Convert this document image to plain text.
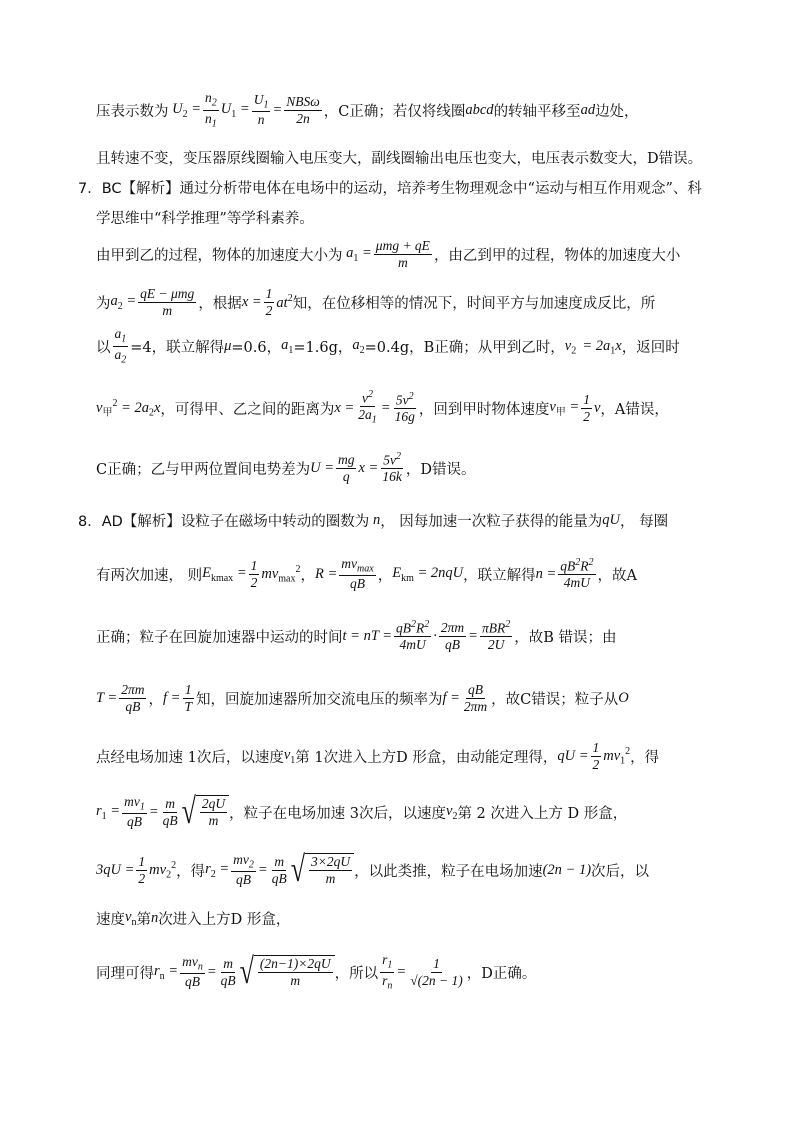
压表示数为 $U_2 = \frac{n_2}{n_1} U_1 = \frac{U_1}{n} = \frac{\text{NBSω}}{2n}$ ，C正确；若仅将线圈 abcd 的转轴平移至 ad 边处，
且转速不变，变压器原线圈输入电压变大，副线圈输出电压也变大，电压表示数变大，D错误。
7．BC【解析】 通过分析带电体在电场中的运动，培养考生物理观念中“运动与相互作用观念”、科
学思维中“科学推理”等学科素养。
由甲到乙的过程，物体的加速度大小为 $a_1 = \frac{\text{μmg + qE}}{m}$ ，由乙到甲的过程，物体的加速度大小
为 $a_2 = \frac{\text{qE − μmg}}{m}$ ，根据 $x = \frac{1}{2} at^2$ 知，在位移相等的情况下，时间平方与加速度成反比，所
以 $\frac{a_1}{a_2} =4$，联立解得 μ =0.6， $a_1 =1.6g$， $a_2 =0.4g$，B正确；从甲到乙时， $v_2 = 2a_1x$ ，返回时
$v_甲^2 = 2a_2x$ ，可得甲、乙之间的距离为 $x = \frac{v^2}{2a_1} = \frac{5v^2}{16g}$ ，回到甲时物体速度 $v_甲 = \frac{1}{2}$ v ，A错误，
C正确；乙与甲两位置间电势差为 $U = \frac{mg}{q}$ $x = \frac{5v^2}{16k}$ ，D错误。
8．AD【解析】 设粒子在磁场中转动的圈数为 n ， 因每加速一次粒子获得的能量为 qU ， 每圈
有两次加速， 则 $E_{kmax} = \frac{1}{2} mv_{max}^2$ ， $R = \frac{mv_{max}}{qB}$ ， $E_{km} = 2nqU$ ，联立解得 $n = \frac{qB^2R^2}{4mU}$ ，故A
正确；粒子在回旋加速器中运动的时间 t = nT = $\frac{qB^2R^2}{4mU} \cdot \frac{2\pi m}{qB} = \frac{\pi BR^2}{2U}$ ，故B 错误；由
$T = \frac{2\pi m}{qB}$ ， $f = \frac{1}{T}$ 知，回旋加速器所加交流电压的频率为 $f = \frac{qB}{2\pi m}$ ，故C错误；粒子从 O
点经电场加速 1次后，以速度 $v_1$ 第 1次进入上方D 形盒，由动能定理得， qU = $\frac{1}{2} mv_1^2$ ，得
$r_1 = \frac{mv_1}{qB} = \frac{m}{qB}$ √ $\frac{2qU}{m}$ ，粒子在电场加速 3次后，以速度 $v_2$ 第 2 次进入上方 D 形盒，
$3qU = \frac{1}{2} mv_2^2$ ，得 $r_2 = \frac{mv_2}{qB} = \frac{m}{qB}$ √ $\frac{3\times 2qU}{m}$ ，以此类推，粒子在电场加速 (2n − 1) 次后，以
速度 $v_n$ 第 n 次进入上方D 形盒，
同理可得 $r_n = \frac{mv_n}{qB} = \frac{m}{qB}$ √ $\frac{(2n-1)\times 2qU}{m}$ ，所以 $\frac{r_1}{r_n} = \frac{1}{√(2n - 1)}$ ，D正确。
